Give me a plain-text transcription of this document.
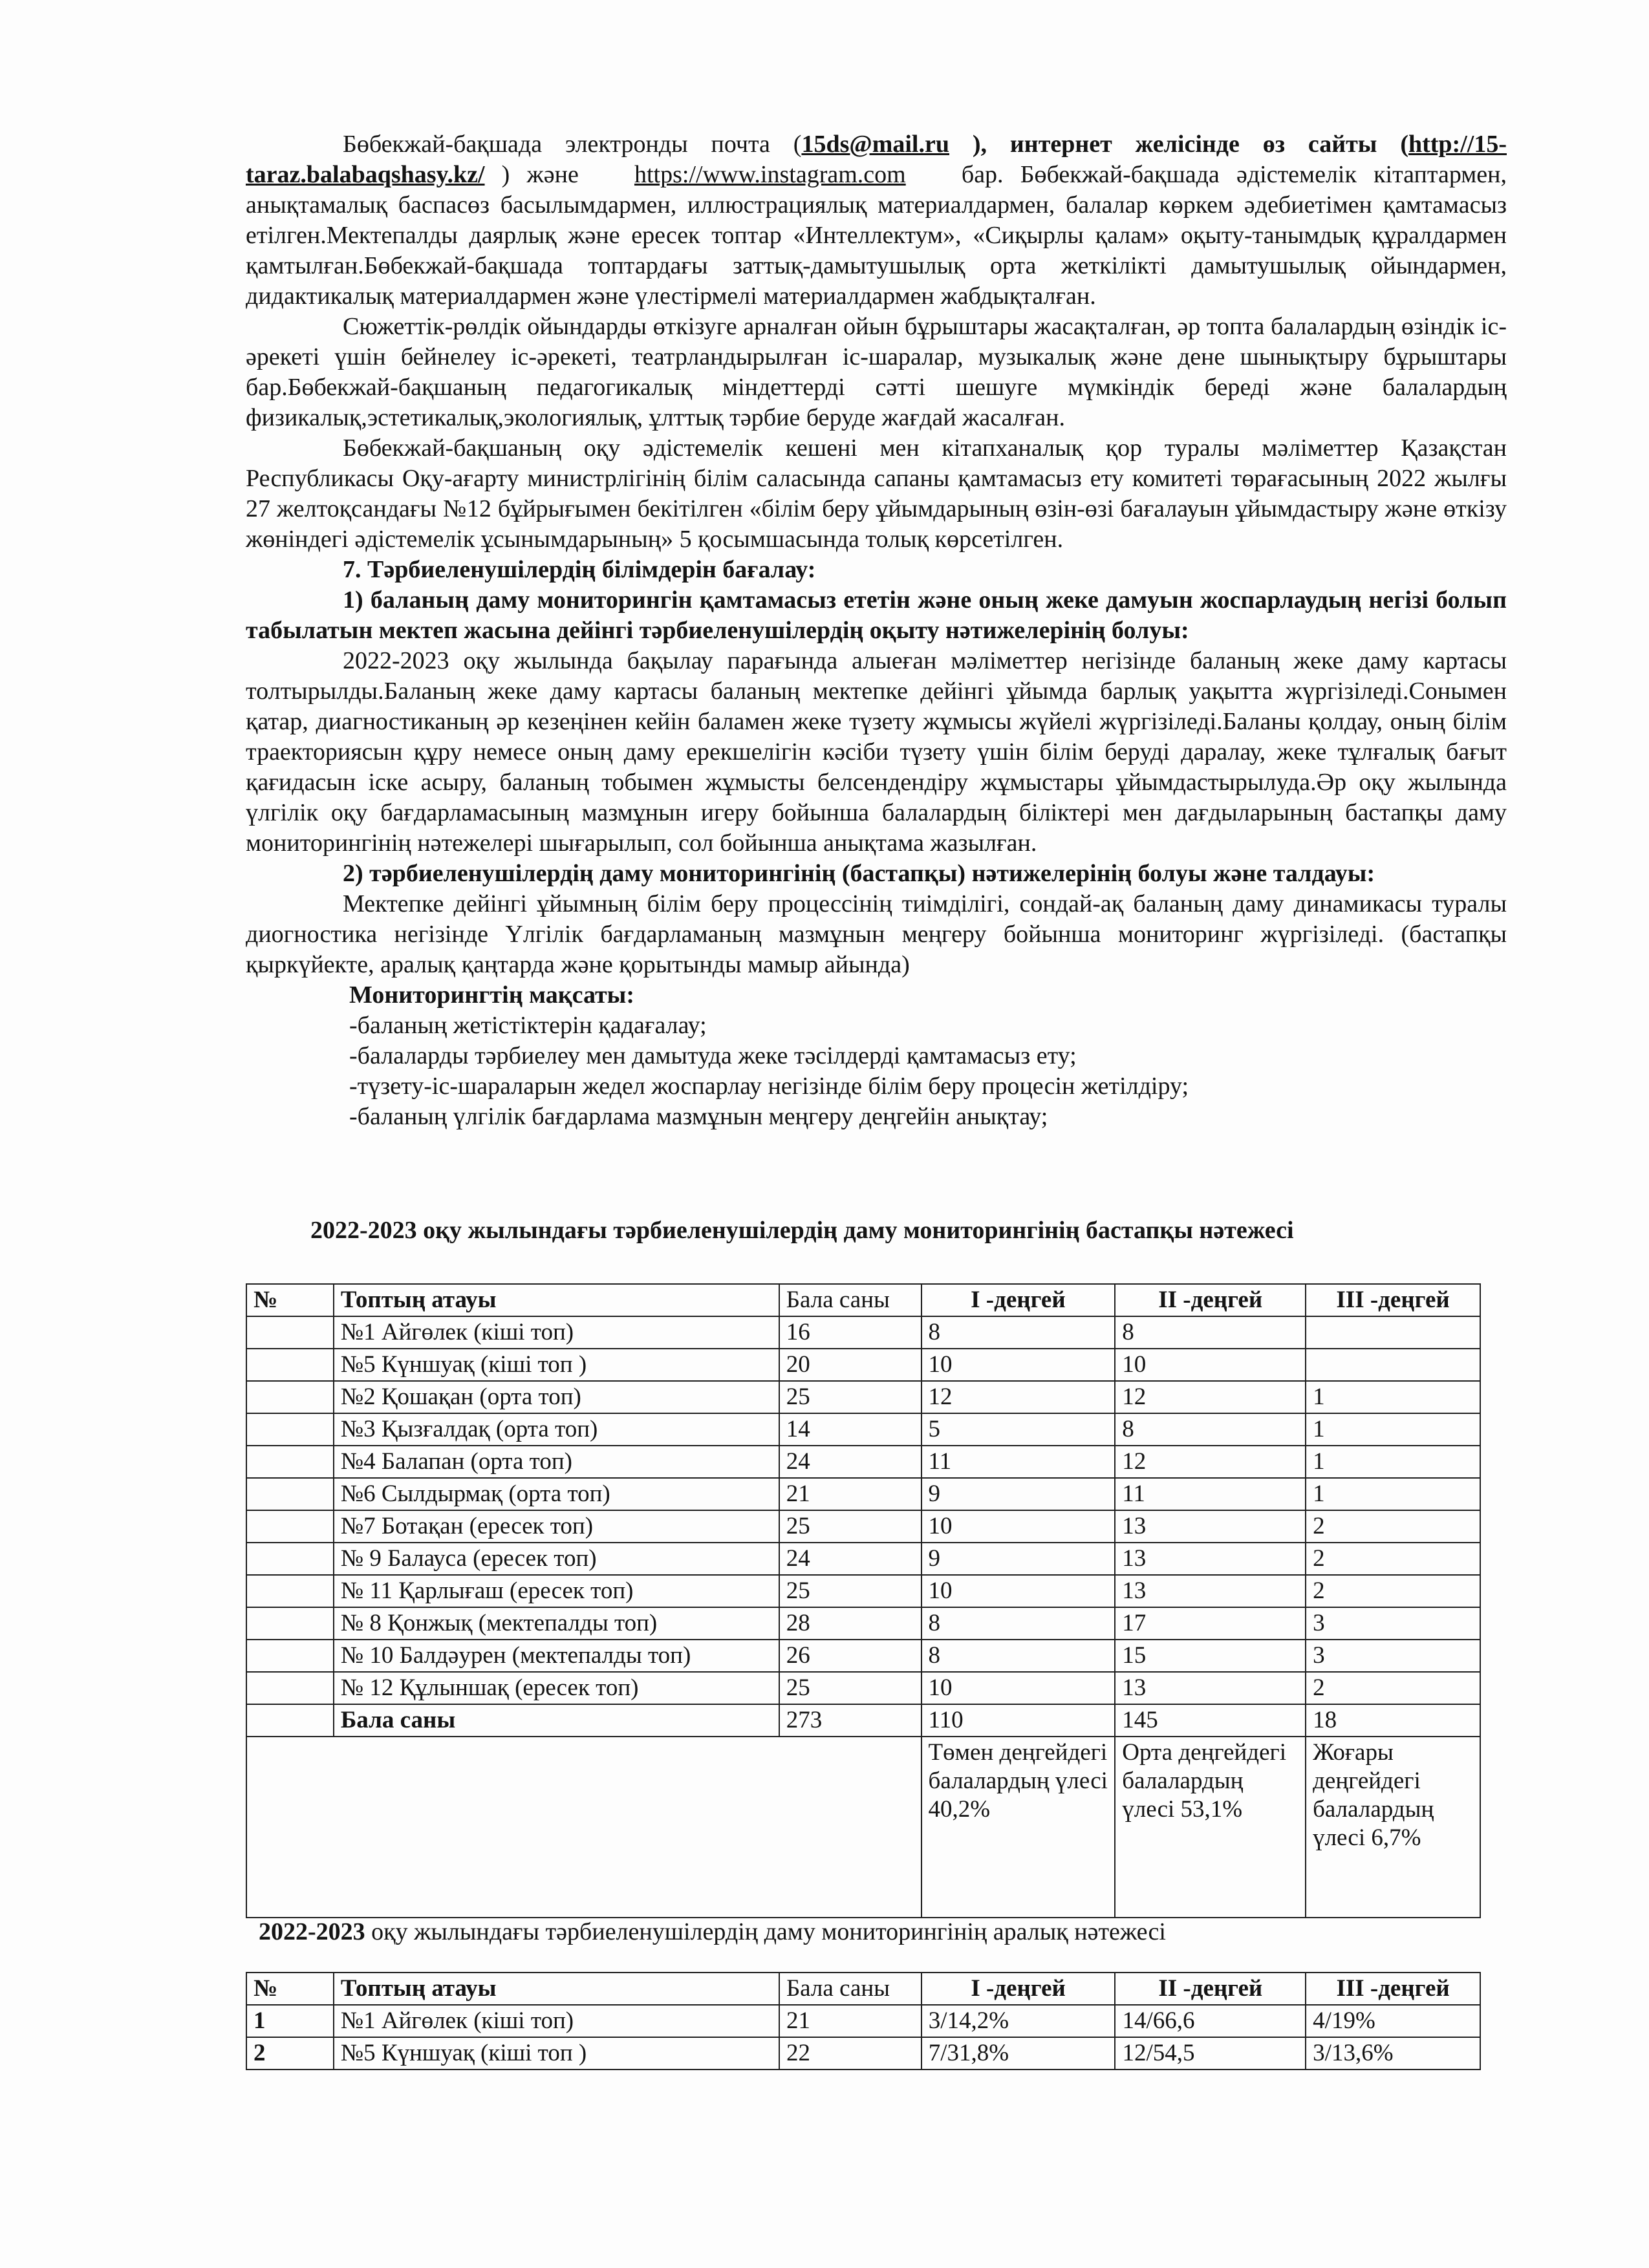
Бөбекжай-бақшада электронды почта (15ds@mail.ru ), интернет желісінде өз сайты (http://15-taraz.balabaqshasy.kz/ ) және https://www.instagram.com бар. Бөбекжай-бақшада әдістемелік кітаптармен, анықтамалық баспасөз басылымдармен, иллюстрациялық материалдармен, балалар көркем әдебиетімен қамтамасыз етілген.Мектепалды даярлық және ересек топтар «Интеллектум», «Сиқырлы қалам» оқыту-танымдық құралдармен қамтылған.Бөбекжай-бақшада топтардағы заттық-дамытушылық орта жеткілікті дамытушылық ойындармен, дидактикалық материалдармен және үлестірмелі материалдармен жабдықталған.

Сюжеттік-рөлдік ойындарды өткізуге арналған ойын бұрыштары жасақталған, әр топта балалардың өзіндік іс-әрекеті үшін бейнелеу іс-әрекеті, театрландырылған іс-шаралар, музыкалық және дене шынықтыру бұрыштары бар.Бөбекжай-бақшаның педагогикалық міндеттерді сәтті шешуге мүмкіндік береді және балалардың физикалық,эстетикалық,экологиялық, ұлттық тәрбие беруде жағдай жасалған.

Бөбекжай-бақшаның оқу әдістемелік кешені мен кітапханалық қор туралы мәліметтер Қазақстан Республикасы Оқу-ағарту министрлігінің білім саласында сапаны қамтамасыз ету комитеті төрағасының 2022 жылғы 27 желтоқсандағы №12 бұйрығымен бекітілген «білім беру ұйымдарының өзін-өзі бағалауын ұйымдастыру және өткізу жөніндегі әдістемелік ұсынымдарының» 5 қосымшасында толық көрсетілген.

7. Тәрбиеленушілердің білімдерін бағалау:

1) баланың даму мониторингін қамтамасыз ететін және оның жеке дамуын жоспарлаудың негізі болып табылатын мектеп жасына дейінгі тәрбиеленушілердің оқыту нәтижелерінің болуы:

2022-2023 оқу жылында бақылау парағында алыеған мәліметтер негізінде баланың жеке даму картасы толтырылды.Баланың жеке даму картасы баланың мектепке дейінгі ұйымда барлық уақытта жүргізіледі.Сонымен қатар, диагностиканың әр кезеңінен кейін баламен жеке түзету жұмысы жүйелі жүргізіледі.Баланы қолдау, оның білім траекториясын құру немесе оның даму ерекшелігін кәсіби түзету үшін білім беруді даралау, жеке тұлғалық бағыт қағидасын іске асыру, баланың тобымен жұмысты белсендендіру жұмыстары ұйымдастырылуда.Әр оқу жылында үлгілік оқу бағдарламасының мазмұнын игеру бойынша балалардың біліктері мен дағдыларының бастапқы даму мониторингінің нәтежелері шығарылып, сол бойынша анықтама жазылған.

2) тәрбиеленушілердің даму мониторингінің (бастапқы) нәтижелерінің болуы және талдауы:

Мектепке дейінгі ұйымның білім беру процессінің тиімділігі, сондай-ақ баланың даму динамикасы туралы диогностика негізінде Үлгілік бағдарламаның мазмұнын меңгеру бойынша мониторинг жүргізіледі. (бастапқы қыркүйекте, аралық қаңтарда және қорытынды мамыр айында)

Мониторингтің мақсаты:

-баланың жетістіктерін қадағалау;

-балаларды тәрбиелеу мен дамытуда жеке тәсілдерді қамтамасыз ету;

-түзету-іс-шараларын жедел жоспарлау негізінде білім беру процесін жетілдіру;

-баланың үлгілік бағдарлама мазмұнын меңгеру деңгейін анықтау;

2022-2023 оқу жылындағы тәрбиеленушілердің даму мониторингінің бастапқы нәтежесі
№	Топтың атауы	Бала саны	І -деңгей	ІІ -деңгей	ІІІ -деңгей
	№1 Айгөлек (кіші топ)	16	8	8	
	№5 Күншуақ (кіші топ )	20	10	10	
	№2 Қошақан (орта топ)	25	12	12	1
	№3 Қызғалдақ (орта топ)	14	5	8	1
	№4 Балапан (орта топ)	24	11	12	1
	№6 Сылдырмақ (орта топ)	21	9	11	1
	№7 Ботақан (ересек топ)	25	10	13	2
	№ 9 Балауса (ересек топ)	24	9	13	2
	№ 11 Қарлығаш (ересек топ)	25	10	13	2
	№ 8 Қонжық (мектепалды топ)	28	8	17	3
	№ 10 Балдәурен (мектепалды топ)	26	8	15	3
	№ 12 Құлыншақ (ересек топ)	25	10	13	2
	Бала саны	273	110	145	18
			Төмен деңгейдегі балалардың үлесі 40,2%	Орта деңгейдегі балалардың үлесі 53,1%	Жоғары деңгейдегі балалардың үлесі 6,7%
2022-2023 оқу жылындағы тәрбиеленушілердің даму мониторингінің аралық нәтежесі
№	Топтың атауы	Бала саны	І -деңгей	ІІ -деңгей	ІІІ -деңгей
1	№1 Айгөлек (кіші топ)	21	3/14,2%	14/66,6	4/19%
2	№5 Күншуақ (кіші топ )	22	7/31,8%	12/54,5	3/13,6%
